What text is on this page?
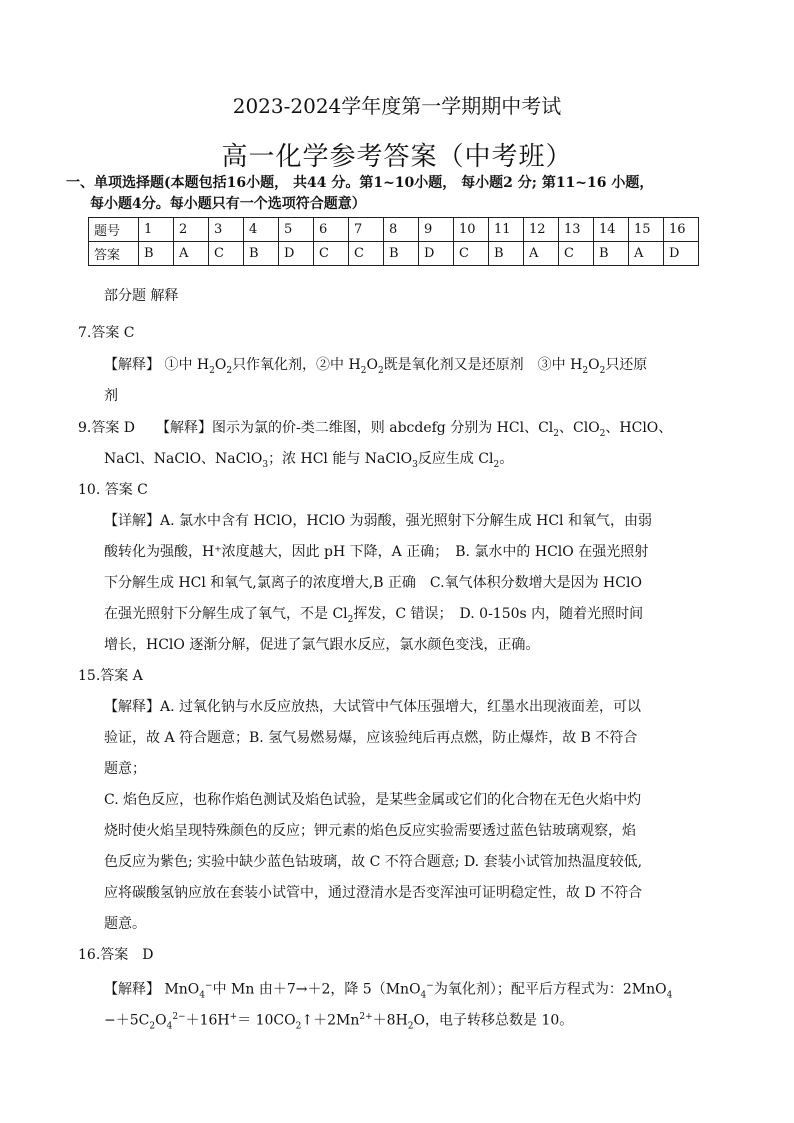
2023-2024学年度第一学期期中考试
高一化学参考答案（中考班）
一、单项选择题(本题包括16小题， 共44 分。第1~10小题， 每小题2 分; 第11~16 小题，
每小题4分。每小题只有一个选项符合题意）
题号	1	2	3	4	5	6	7	8	9	10	11	12	13	14	15	16
答案	B	A	C	B	D	C	C	B	D	C	B	A	C	B	A	D
部分题 解释
7.答案 C
【解释】 ①中 $H_2O_2$只作氧化剂，②中 $H_2O_2$既是氧化剂又是还原剂　③中 $H_2O_2$只还原
剂
9.答案 D　　 【解释】图示为氯的价-类二维图，则 abcdefg 分别为 HCl、$Cl_2$、ClO$_2$、HClO、
NaCl、NaClO、NaClO$_3$；浓 HCl 能与 NaClO$_3$反应生成 $Cl_2$。
10. 答案 C
【详解】A. 氯水中含有 HClO，HClO 为弱酸，强光照射下分解生成 HCl 和氧气，由弱
酸转化为强酸，H⁺浓度越大，因此 pH 下降，A 正确；　B. 氯水中的 HClO 在强光照射
下分解生成 HCl 和氧气,氯离子的浓度增大,B 正确　C.氧气体积分数增大是因为 HClO
在强光照射下分解生成了氧气，不是 $Cl_2$挥发，C 错误；　D. 0-150s 内，随着光照时间
增长，HClO 逐渐分解，促进了氯气跟水反应，氯水颜色变浅，正确。
15.答案 A
【解释】A. 过氧化钠与水反应放热，大试管中气体压强增大，红墨水出现液面差，可以
验证，故 A 符合题意；B. 氢气易燃易爆，应该验纯后再点燃，防止爆炸，故 B 不符合
题意；
C. 焰色反应，也称作焰色测试及焰色试验，是某些金属或它们的化合物在无色火焰中灼
烧时使火焰呈现特殊颜色的反应；钾元素的焰色反应实验需要透过蓝色钴玻璃观察，焰
色反应为紫色; 实验中缺少蓝色钴玻璃，故 C 不符合题意; D. 套装小试管加热温度较低,
应将碳酸氢钠应放在套装小试管中，通过澄清水是否变浑浊可证明稳定性，故 D 不符合
题意。
16.答案　D
【解释】 MnO$_4$−中 Mn 由＋7→＋2，降 5（MnO$_4$−为氧化剂）；配平后方程式为：2MnO$_4$
$-+5C_2O_4^{2-}+16H^+=$ $10CO_2↑+2Mn^{2+}+8H_2O$，电子转移总数是 10。
